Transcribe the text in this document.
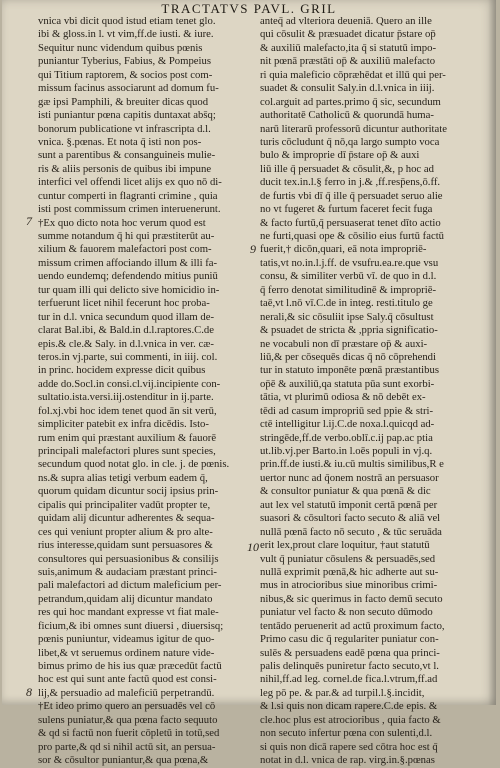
TRACTATVS PAVL. GRIL
vnica vbi dicit quod istud etiam tenet glo.
ibi & gloss.in l. vt vim,ff.de iusti. & iure.
Sequitur nunc videndum quibus pœnis
puniantur Tyberius, Fabius, & Pompeius
qui Titium raptorem, & socios post com-
missum facinus associarunt ad domum fu-
gæ ipsi Pamphili, & breuiter dicas quod
isti puniantur pœna capitis duntaxat abs̄q;
bonorum publicatione vt infrascripta d.l.
vnica. §.pœnas. Et nota q̄ isti non pos-
sunt a parentibus & consanguineis mulie-
ris & aliis personis de quibus ibi impune
interfici vel offendi licet alijs ex quo nō di-
cuntur comperti in flagranti crimine , quia
isti post commissum crimen interuenerunt.
†Ex quo dicto nota hoc verum quod est
summe notandum q̄ hi qui præstiterūt au-
xilium & fauorem malefactori post com-
missum crimen affociando illum & illi fa-
uendo eundemq; defendendo mitius puniū
tur quam illi qui delicto sive homicidio in-
terfuerunt licet nihil fecerunt hoc proba-
tur in d.l. vnica secundum quod illam de-
clarat Bal.ibi, & Bald.in d.l.raptores.C.de
epis.& cle.& Saly. in d.l.vnica in ver. cæ-
teros.in vj.parte, sui commenti, in iiij. col.
in princ. hocidem expresse dicit quibus
adde do.Socl.in consi.cl.vij.incipiente con-
sultatio.ista.versi.iij.ostenditur in ij.parte.
fol.xj.vbi hoc idem tenet quod ān sit verū,
simpliciter patebit ex infra dicēdis. Isto-
rum enim qui præstant auxilium & fauorē
principali malefactori plures sunt species,
secundum quod notat glo. in cle. j. de pœnis.
ns.& supra alias tetigi verbum eadem q̄,
quorum quidam dicuntur socij ipsius prin-
cipalis qui principaliter vadūt propter te,
quidam alij dicuntur adherentes & sequa-
ces qui veniunt propter alium & pro alte-
rius interesse,quidam sunt persuasores &
consultores qui persuasionibus & consilijs
suis,animum & audaciam præstant princi-
pali malefactori ad dictum maleficium per-
petrandum,quidam alij dicuntur mandato
res qui hoc mandant expresse vt fiat male-
ficium,& ibi omnes sunt diuersi , diuersisq;
pœnis puniuntur, videamus igitur de quo-
libet,& vt seruemus ordinem nature vide-
bimus primo de his ius quæ præcedūt factū
hoc est qui sunt ante factū quod est consi-
lij,& persuadio ad maleficiū perpetrandū.
†Et ideo primo quero an persuadēs vel cō
sulens puniatur,& qua pœna facto sequuto
& qd si factū non fuerit cōpletū in totū,sed
pro parte,& qd si nihil actū sit, an persua-
sor & cōsultor puniantur,& qua pœna,&
anteq̄ ad vlteriora deueniā. Quero an ille
qui cōsulit & præsuadet dicatur p̄stare op̄
& auxiliū malefacto,ita q̄ si statutū impo-
nit pœnā præstāti op̄ & auxiliū malefacto
ri quia maleficio cōpræhēdat et illū qui per-
suadet & consulit Saly.in d.l.vnica in iiij.
col.arguit ad partes.primo q̄ sic, secundum
authoritatē Catholicū & quorundā huma-
narū literarū professorū dicuntur authoritate
turis cōcludunt q̄ nō,qa largo sumpto voca
bulo & improprie dī p̄stare op̄ & auxi
liū ille q̄ persuadet & cōsulit,&, p hoc ad
ducit tex.in.l.§ ferro in j.& ,ff.resp̄ens,ō.ff.
de furtis vbi dī q̄ ille q̄ persuadet seruo alie
no vt fugeret & furtum faceret fecit fuga
& facto furtū,q̄ persuaserat tenet dīto actio
ne furti,quasi ope & cōsilio eius furtū factū
fuerit,† dicōn,quari, eā nota impropriē-
tatis,vt no.in.l.j.ff. de vsufru.ea.re.que vsu
consu, & similiter verbū vī. de quo in d.l.
q̄ ferro denotat similitudinē & impropriē-
taē,vt l.nō vī.C.de in integ. resti.titulo ge
nerali,& sic cōsuliit ipse Saly.q̄ cōsultust
& psuadet de stricta & ,ppria significatio-
ne vocabuli non dī præstare op̄ & auxi-
liū,& per cōsequēs dicas q̄ nō cōprehendi
tur in statuto imponēte pœnā præstantibus
op̄ē & auxiliū,qa statuta pūa sunt exorbi-
tātia, vt plurimū odiosa & nō debēt ex-
tēdi ad casum impropriū sed ppie & stri-
ctē intelligitur l.ij.C.de noxa.l.quicqd ad-
stringēde,ff.de verbo.oblī.c.ij pap.ac ptia
ut.lib.vj.per Barto.in l.oēs populi in vj.q.
prin.ff.de iusti.& iu.cū multis similibus,R e
uertor nunc ad q̄onem nostrā an persuasor
& consultor puniatur & qua pœnā & dic
aut lex vel statutū imponit certā pœnā per
suasori & cōsultori facto secuto & aliā vel
nullā pœnā facto nō secuto , & tūc seruāda
erit lex,prout clare loquitur, †aut statutū
vult q̄ puniatur cōsulens & persuadēs,sed
nullā exprimit pœnā,& hic adherte aut su-
mus in atrocioribus siue minoribus crimi-
nibus,& sic querimus in facto demū secuto
puniatur vel facto & non secuto dūmodo
tentādo peruenerit ad actū proximum facto,
Primo casu dic q̄ regulariter puniatur con-
sulēs & persuadens eadē pœna qua princi-
palis delinquēs puniretur facto secuto,vt l.
nihil,ff.ad leg. cornel.de fica.l.vtrum,ff.ad
leg pō pe. & par.& ad turpil.l.§.incidit,
& l.si quis non dicam rapere.C.de epis. &
cle.hoc plus est atrocioribus , quia facto &
non secuto infertur pœna con sulenti,d.l.
si quis non dicā rapere sed cōtra hoc est q̄
notat in d.l. vnica de rap. virg.in.§.pœnas
7
8
9
10
